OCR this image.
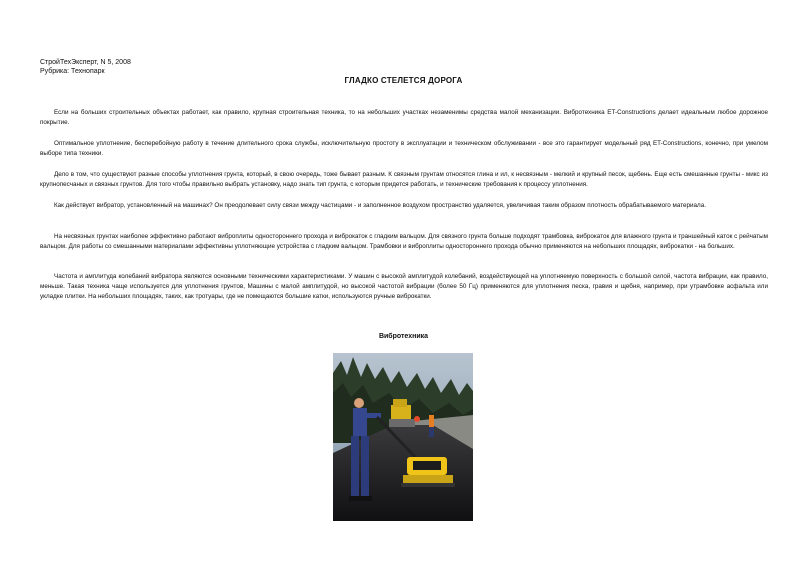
СтройТехЭксперт, N 5, 2008
Рубрика: Технопарк
ГЛАДКО СТЕЛЕТСЯ ДОРОГА

Если на больших строительных объектах работает, как правило, крупная строительная техника, то на небольших участках незаменимы средства малой механизации. Вибротехника ET-Constructions делает идеальным любое дорожное покрытие.

Оптимальное уплотнение, бесперебойную работу в течение длительного срока службы, исключительную простоту в эксплуатации и техническом обслуживании - все это гарантирует модельный ряд ET-Constructions, конечно, при умелом выборе типа техники.

Дело в том, что существуют разные способы уплотнения грунта, который, в свою очередь, тоже бывает разным. К связным грунтам относятся глина и ил, к несвязным - мелкий и крупный песок, щебень. Еще есть смешанные грунты - микс из крупнопесчаных и связных грунтов. Для того чтобы правильно выбрать установку, надо знать тип грунта, с которым придется работать, и технические требования к процессу уплотнения.

Как действует вибратор, установленный на машинах? Он преодолевает силу связи между частицами - и заполненное воздухом пространство удаляется, увеличивая таким образом плотность обрабатываемого материала.

На несвязных грунтах наиболее эффективно работают виброплиты одностороннего прохода и виброкаток с гладким вальцом. Для связного грунта больше подходят трамбовка, виброкаток для влажного грунта и траншейный каток с рейчатым вальцом. Для работы со смешанными материалами эффективны уплотняющие устройства с гладким вальцом. Трамбовки и виброплиты одностороннего прохода обычно применяются на небольших площадях, виброкатки - на больших.

Частота и амплитуда колебаний вибратора являются основными техническими характеристиками. У машин с высокой амплитудой колебаний, воздействующей на уплотняемую поверхность с большой силой, частота вибрации, как правило, меньше. Такая техника чаще используется для уплотнения грунтов, Машины с малой амплитудой, но высокой частотой вибрации (более 50 Гц) применяются для уплотнения песка, гравия и щебня, например, при утрамбовке асфальта или укладке плитки. На небольших площадях, таких, как тротуары, где не помещаются большие катки, используются ручные виброкатки.

Вибротехника
